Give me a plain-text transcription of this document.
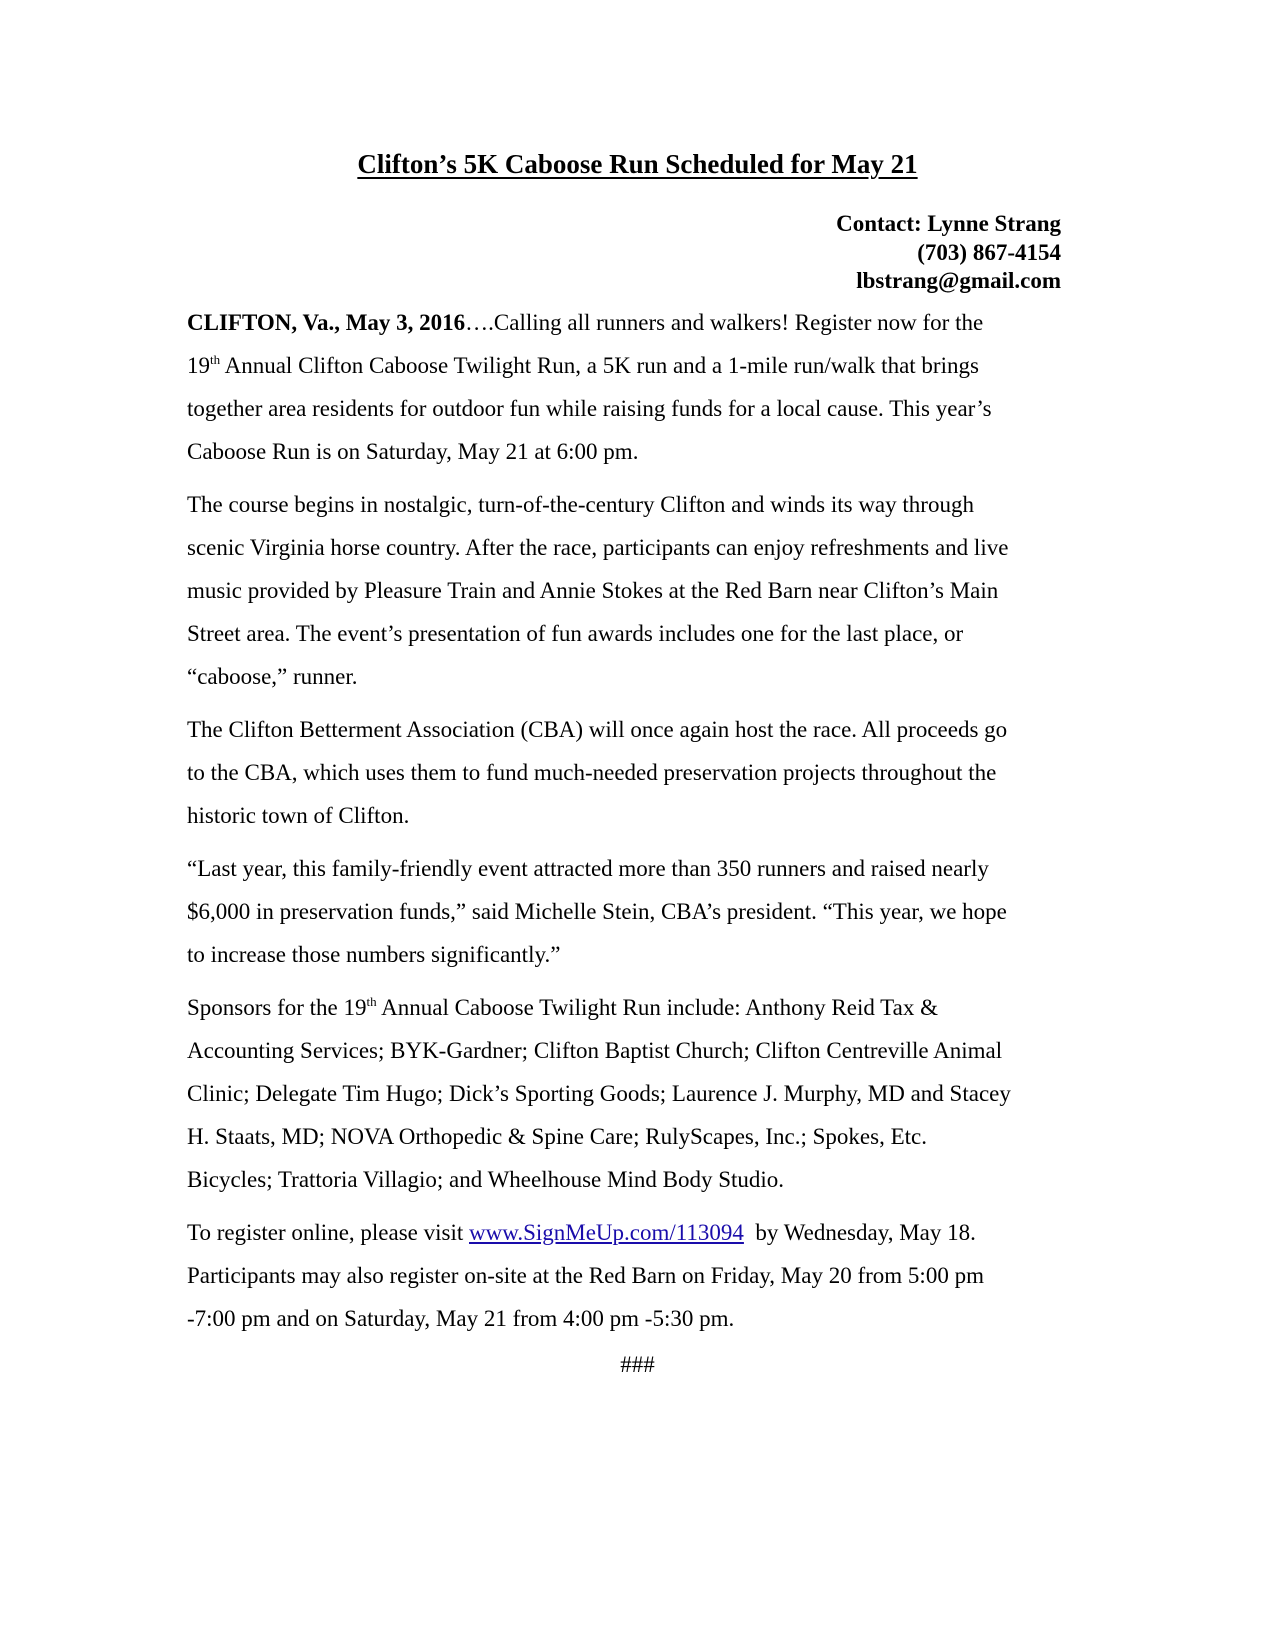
Clifton’s 5K Caboose Run Scheduled for May 21
Contact: Lynne Strang
(703) 867-4154
lbstrang@gmail.com

CLIFTON, Va., May 3, 2016….Calling all runners and walkers! Register now for the
19th Annual Clifton Caboose Twilight Run, a 5K run and a 1-mile run/walk that brings
together area residents for outdoor fun while raising funds for a local cause. This year’s
Caboose Run is on Saturday, May 21 at 6:00 pm.

The course begins in nostalgic, turn-of-the-century Clifton and winds its way through
scenic Virginia horse country. After the race, participants can enjoy refreshments and live
music provided by Pleasure Train and Annie Stokes at the Red Barn near Clifton’s Main
Street area. The event’s presentation of fun awards includes one for the last place, or
“caboose,” runner.

The Clifton Betterment Association (CBA) will once again host the race. All proceeds go
to the CBA, which uses them to fund much-needed preservation projects throughout the
historic town of Clifton.

“Last year, this family-friendly event attracted more than 350 runners and raised nearly
$6,000 in preservation funds,” said Michelle Stein, CBA’s president. “This year, we hope
to increase those numbers significantly.”

Sponsors for the 19th Annual Caboose Twilight Run include: Anthony Reid Tax &
Accounting Services; BYK-Gardner; Clifton Baptist Church; Clifton Centreville Animal
Clinic; Delegate Tim Hugo; Dick’s Sporting Goods; Laurence J. Murphy, MD and Stacey
H. Staats, MD; NOVA Orthopedic & Spine Care; RulyScapes, Inc.; Spokes, Etc.
Bicycles; Trattoria Villagio; and Wheelhouse Mind Body Studio.

To register online, please visit www.SignMeUp.com/113094  by Wednesday, May 18.
Participants may also register on-site at the Red Barn on Friday, May 20 from 5:00 pm
-7:00 pm and on Saturday, May 21 from 4:00 pm -5:30 pm.

###
